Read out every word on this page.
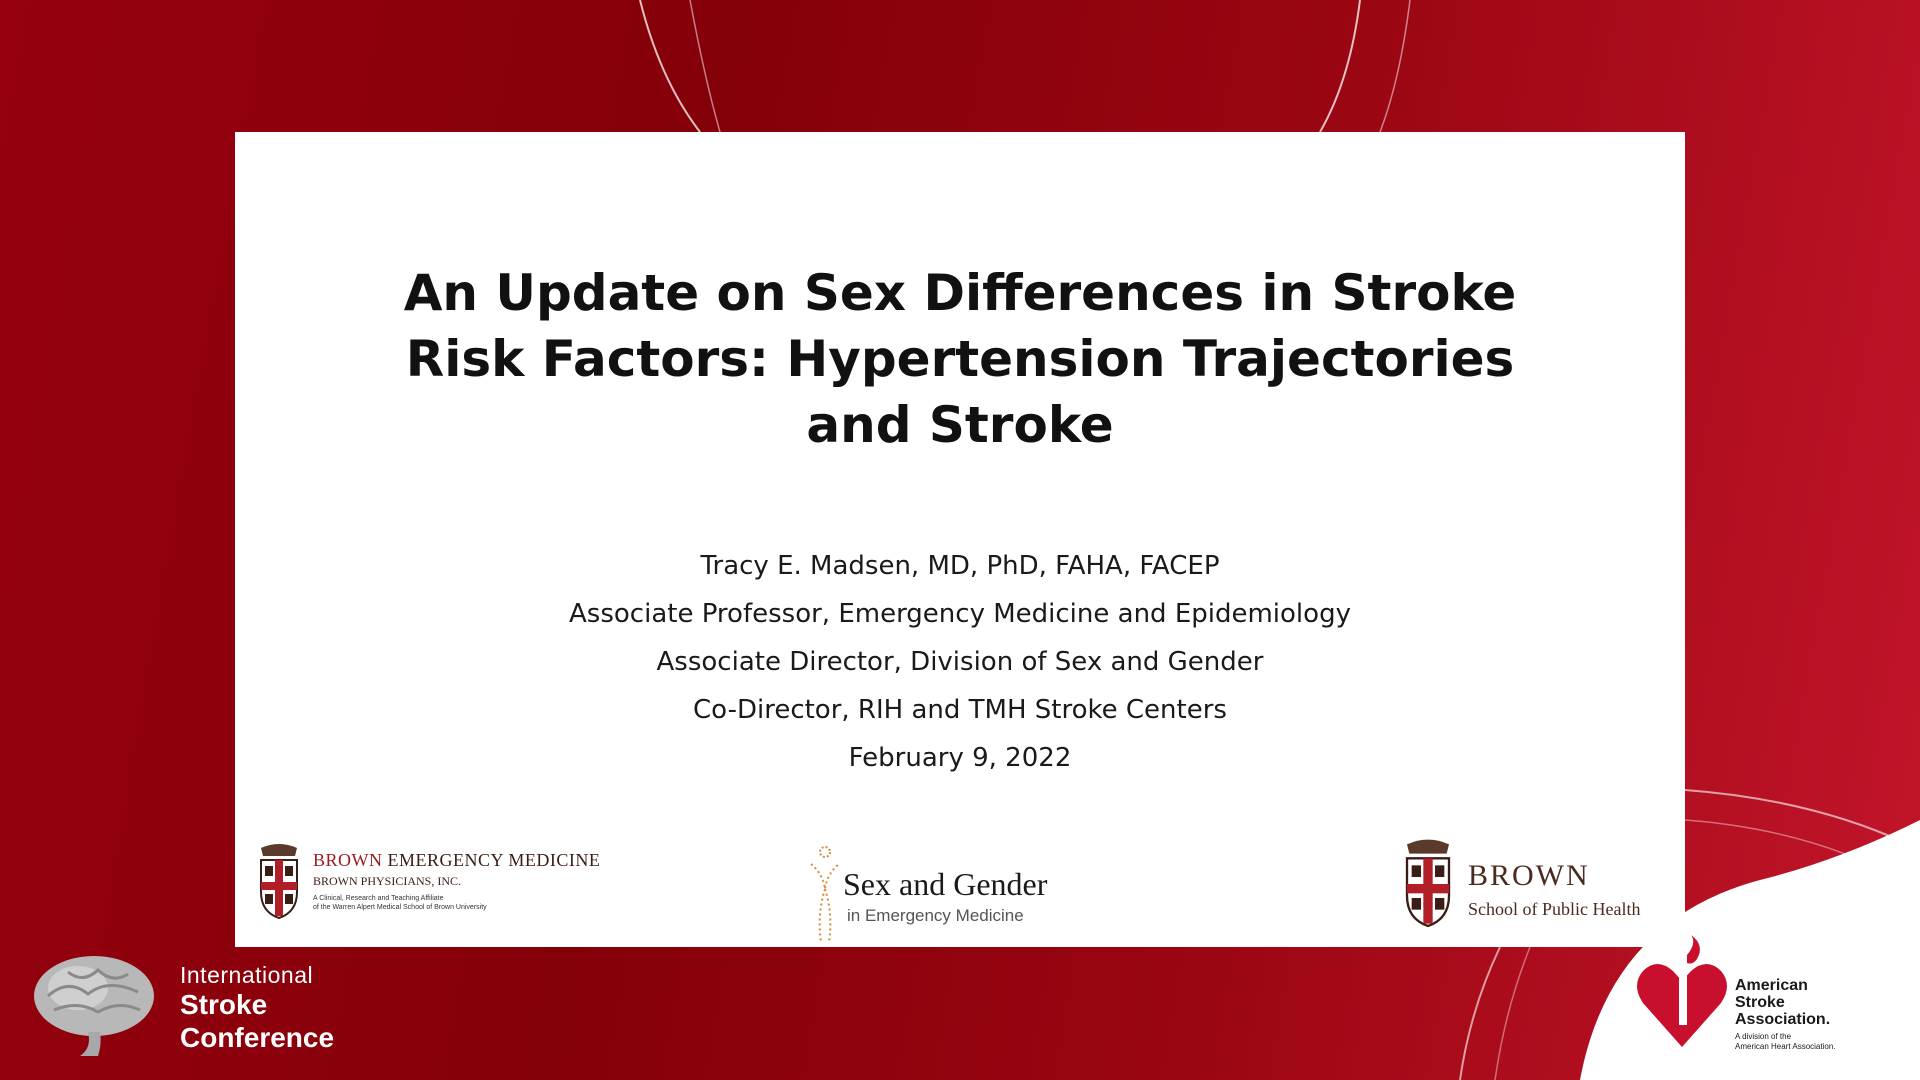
An Update on Sex Differences in Stroke
Risk Factors: Hypertension Trajectories
and Stroke
Tracy E. Madsen, MD, PhD, FAHA, FACEP
Associate Professor, Emergency Medicine and Epidemiology
Associate Director, Division of Sex and Gender
Co-Director, RIH and TMH Stroke Centers
February 9, 2022
BROWN EMERGENCY MEDICINE
BROWN PHYSICIANS, INC.
A Clinical, Research and Teaching Affiliate
of the Warren Alpert Medical School of Brown University
Sex and Gender
in Emergency Medicine
BROWN
School of Public Health
International
Stroke
Conference
American
Stroke
Association.
A division of the
American Heart Association.
